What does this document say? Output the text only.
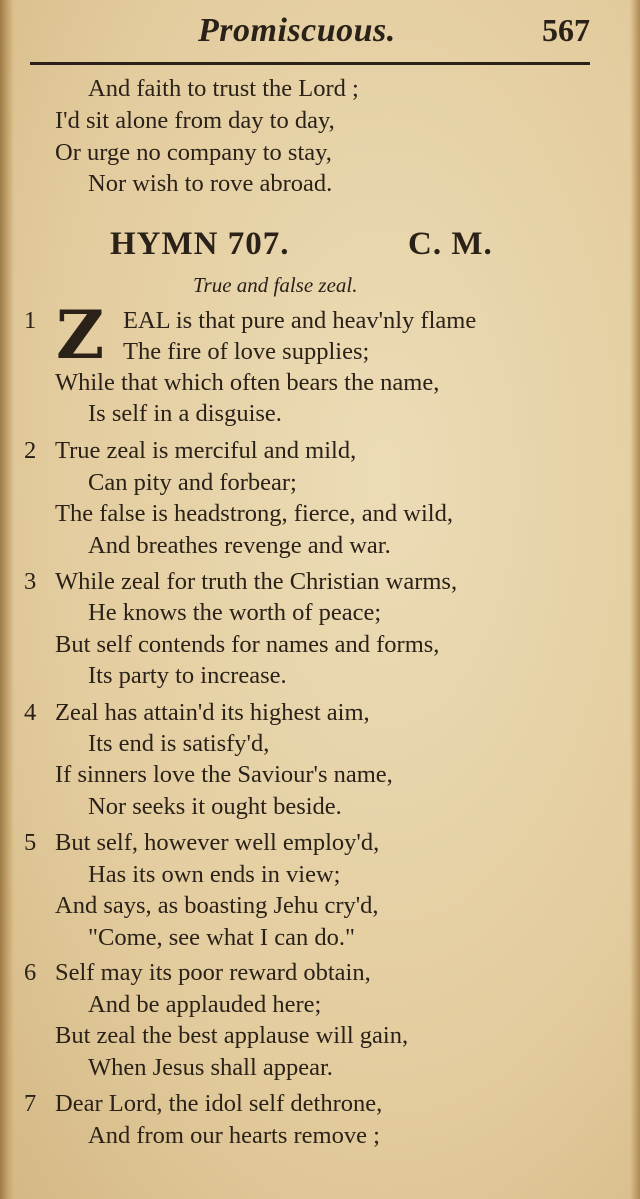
Promiscuous.	567
And faith to trust the Lord ;
I'd sit alone from day to day,
Or urge no company to stay,
Nor wish to rove abroad.
HYMN 707.	C. M.
True and false zeal.
1 Z EAL is that pure and heav'nly flame
The fire of love supplies;
While that which often bears the name,
Is self in a disguise.
2 True zeal is merciful and mild,
Can pity and forbear;
The false is headstrong, fierce, and wild,
And breathes revenge and war.
3 While zeal for truth the Christian warms,
He knows the worth of peace;
But self contends for names and forms,
Its party to increase.
4 Zeal has attain'd its highest aim,
Its end is satisfy'd,
If sinners love the Saviour's name,
Nor seeks it ought beside.
5 But self, however well employ'd,
Has its own ends in view;
And says, as boasting Jehu cry'd,
"Come, see what I can do."
6 Self may its poor reward obtain,
And be applauded here;
But zeal the best applause will gain,
When Jesus shall appear.
7 Dear Lord, the idol self dethrone,
And from our hearts remove ;
